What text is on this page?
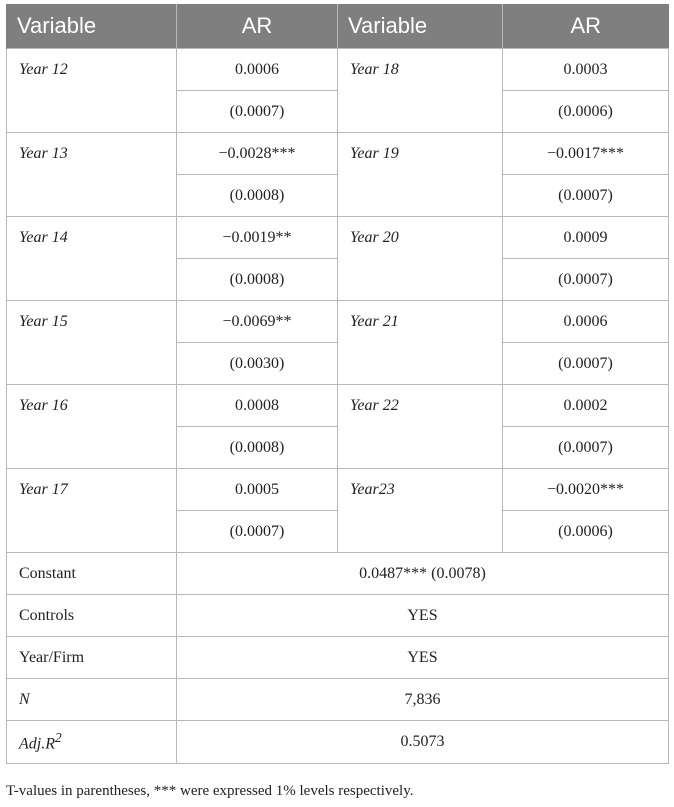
Variable	AR	Variable	AR
Year 12	0.0006	Year 18	0.0003
	(0.0007)		(0.0006)
Year 13	−0.0028***	Year 19	−0.0017***
	(0.0008)		(0.0007)
Year 14	−0.0019**	Year 20	0.0009
	(0.0008)		(0.0007)
Year 15	−0.0069**	Year 21	0.0006
	(0.0030)		(0.0007)
Year 16	0.0008	Year 22	0.0002
	(0.0008)		(0.0007)
Year 17	0.0005	Year23	−0.0020***
	(0.0007)		(0.0006)
Constant	0.0487*** (0.0078)		
Controls	YES		
Year/Firm	YES		
N	7,836		
$Adj.R^2$	0.5073		
T-values in parentheses, *** were expressed 1% levels respectively.
